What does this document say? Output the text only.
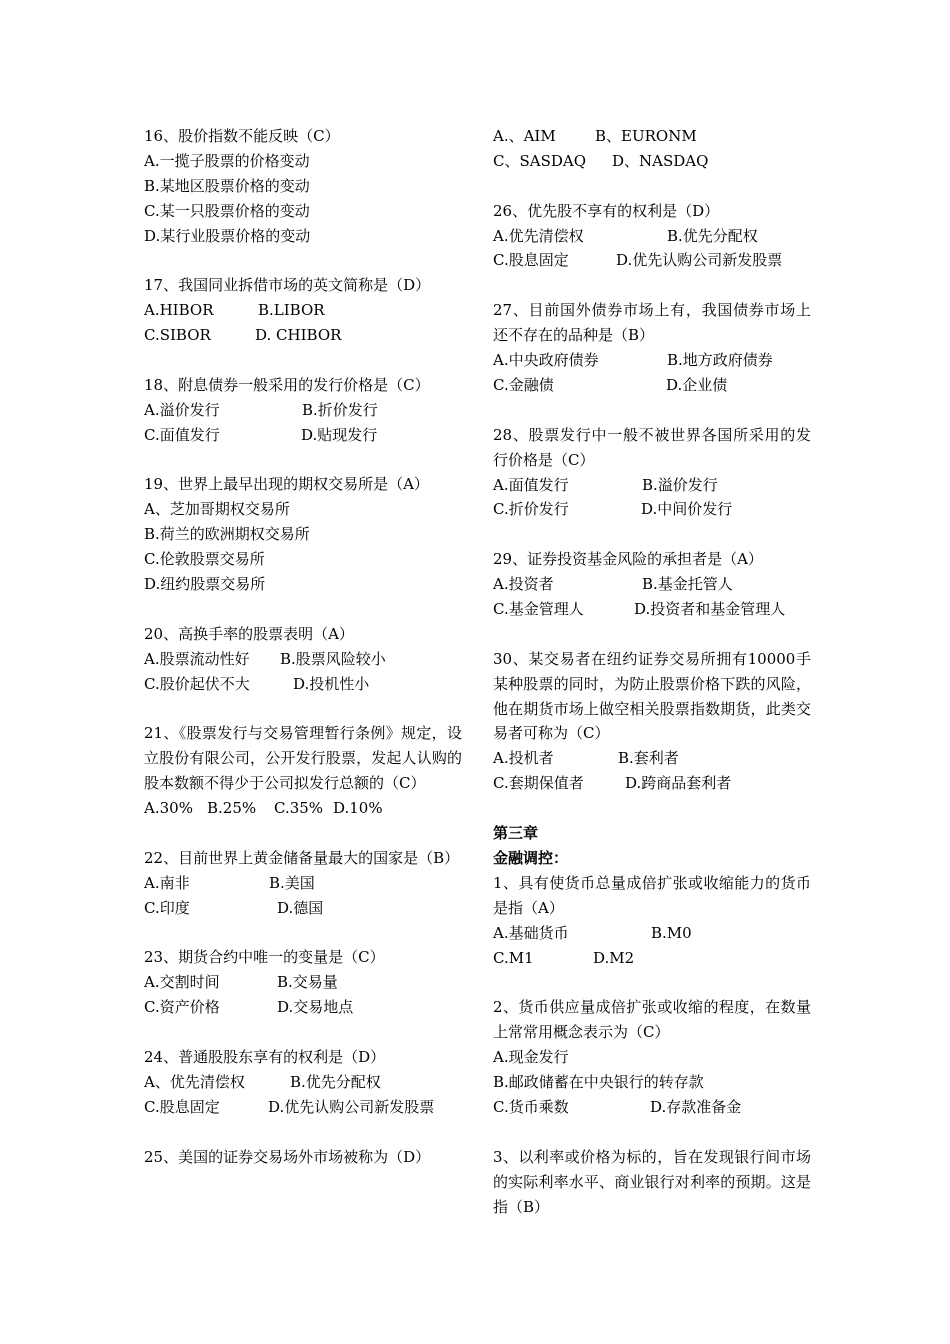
16、股价指数不能反映（C）
A.一揽子股票的价格变动
B.某地区股票价格的变动
C.某一只股票价格的变动
D.某行业股票价格的变动
17、我国同业拆借市场的英文简称是（D）
A.HIBOR	B.LIBOR
C.SIBOR	D. CHIBOR
18、附息债券一般采用的发行价格是（C）
A.溢价发行	B.折价发行
C.面值发行	D.贴现发行
19、世界上最早出现的期权交易所是（A）
A、芝加哥期权交易所
B.荷兰的欧洲期权交易所
C.伦敦股票交易所
D.纽约股票交易所
20、高换手率的股票表明（A）
A.股票流动性好 B.股票风险较小
C.股价起伏不大	D.投机性小
21、《股票发行与交易管理暂行条例》规定，设立股份有限公司，公开发行股票，发起人认购的股本数额不得少于公司拟发行总额的（C）
A.30% B.25% C.35% D.10%
22、目前世界上黄金储备量最大的国家是（B）
A.南非	B.美国
C.印度	D.德国
23、期货合约中唯一的变量是（C）
A.交割时间	B.交易量
C.资产价格	D.交易地点
24、普通股股东享有的权利是（D）
A、优先清偿权	B.优先分配权
C.股息固定	D.优先认购公司新发股票
25、美国的证券交易场外市场被称为（D）
A.、AIM	B、EURONM
C、SASDAQ D、NASDAQ
26、优先股不享有的权利是（D）
A.优先清偿权	B.优先分配权
C.股息固定	D.优先认购公司新发股票
27、目前国外债券市场上有，我国债券市场上还不存在的品种是（B）
A.中央政府债券	B.地方政府债券
C.金融债	D.企业债
28、股票发行中一般不被世界各国所采用的发行价格是（C）
A.面值发行	B.溢价发行
C.折价发行	D.中间价发行
29、证券投资基金风险的承担者是（A）
A.投资者	B.基金托管人
C.基金管理人	D.投资者和基金管理人
30、某交易者在纽约证券交易所拥有10000手某种股票的同时，为防止股票价格下跌的风险，他在期货市场上做空相关股票指数期货，此类交易者可称为（C）
A.投机者	B.套利者
C.套期保值者	D.跨商品套利者
第三章
金融调控：
1、具有使货币总量成倍扩张或收缩能力的货币是指（A）
A.基础货币	B.M0
C.M1	D.M2
2、货币供应量成倍扩张或收缩的程度，在数量上常常用概念表示为（C）
A.现金发行
B.邮政储蓄在中央银行的转存款
C.货币乘数	D.存款准备金
3、以利率或价格为标的，旨在发现银行间市场的实际利率水平、商业银行对利率的预期。这是指（B）
